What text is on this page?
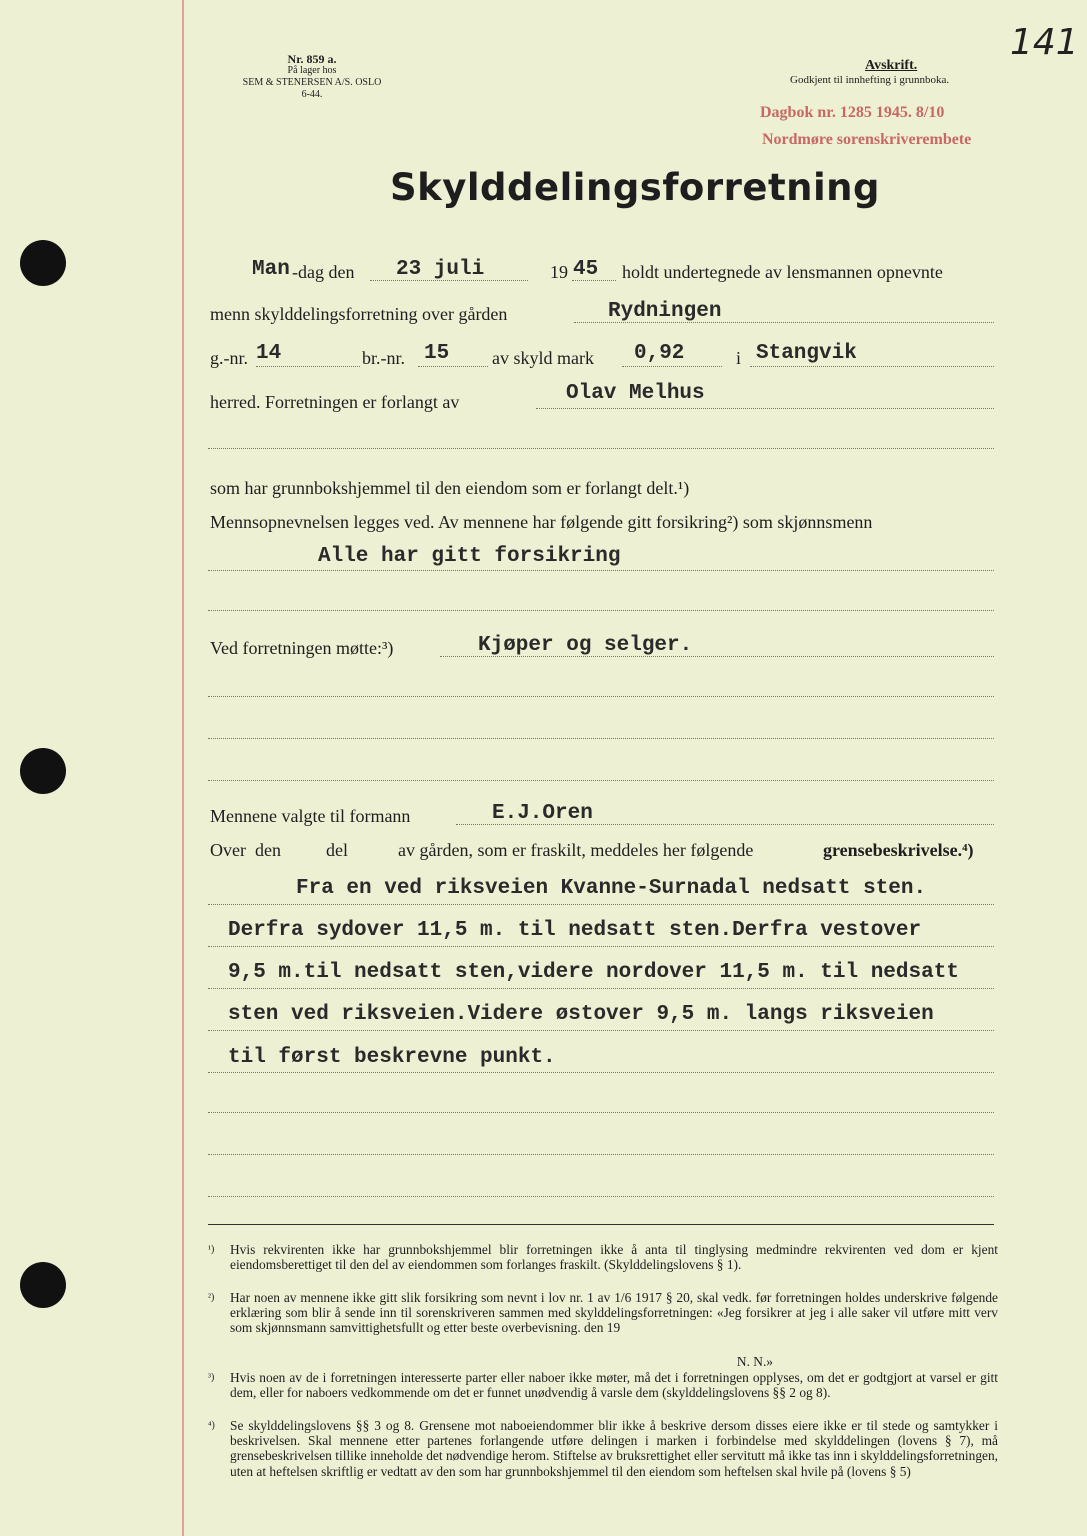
Nr. 859 a.
På lager hos
SEM & STENERSEN A/S. OSLO
6-44.
Avskrift.
Godkjent til innhefting i grunnboka.
141
Dagbok nr. 1285 1945. 8/10
Nordmøre sorenskriverembete
Skylddelingsforretning
Man -dag den 23 juli	19 45 holdt undertegnede av lensmannen opnevnte
menn skylddelingsforretning over gården	Rydningen
g.-nr. 14	br.-nr. 15 av skyld mark 0,92	i Stangvik
herred. Forretningen er forlangt av	Olav Melhus
som har grunnbokshjemmel til den eiendom som er forlangt delt.¹)
Mennsopnevnelsen legges ved. Av mennene har følgende gitt forsikring²) som skjønnsmenn
Alle har gitt forsikring
Ved forretningen møtte:³)	Kjøper og selger.
Mennene valgte til formann	E.J.Oren
Over den	del	av gården, som er fraskilt, meddeles her følgende	grensebeskrivelse.⁴)
Fra en ved riksveien Kvanne-Surnadal nedsatt sten.
Derfra sydover 11,5 m. til nedsatt sten.Derfra vestover
9,5 m.til nedsatt sten,videre nordover 11,5 m. til nedsatt
sten ved riksveien.Videre østover 9,5 m. langs riksveien
til først beskrevne punkt.
¹) Hvis rekvirenten ikke har grunnbokshjemmel blir forretningen ikke å anta til tinglysing medmindre rekvirenten ved dom er kjent eiendomsberettiget til den del av eiendommen som forlanges fraskilt. (Skylddelingslovens § 1).
²) Har noen av mennene ikke gitt slik forsikring som nevnt i lov nr. 1 av 1/6 1917 § 20, skal vedk. før forretningen holdes underskrive følgende erklæring som blir å sende inn til sorenskriveren sammen med skylddelingsforretningen: «Jeg forsikrer at jeg i alle saker vil utføre mitt verv som skjønnsmann samvittighetsfullt og etter beste overbevisning. den 19
N. N.»
³) Hvis noen av de i forretningen interesserte parter eller naboer ikke møter, må det i forretningen opplyses, om det er godtgjort at varsel er gitt dem, eller for naboers vedkommende om det er funnet unødvendig å varsle dem (skylddelingslovens §§ 2 og 8).
⁴) Se skylddelingslovens §§ 3 og 8. Grensene mot naboeiendommer blir ikke å beskrive dersom disses eiere ikke er til stede og samtykker i beskrivelsen. Skal mennene etter partenes forlangende utføre delingen i marken i forbindelse med skylddelingen (lovens § 7), må grensebeskrivelsen tillike inneholde det nødvendige herom. Stiftelse av bruksrettighet eller servitutt må ikke tas inn i skylddelingsforretningen, uten at heftelsen skriftlig er vedtatt av den som har grunnbokshjemmel til den eiendom som heftelsen skal hvile på (lovens § 5)
